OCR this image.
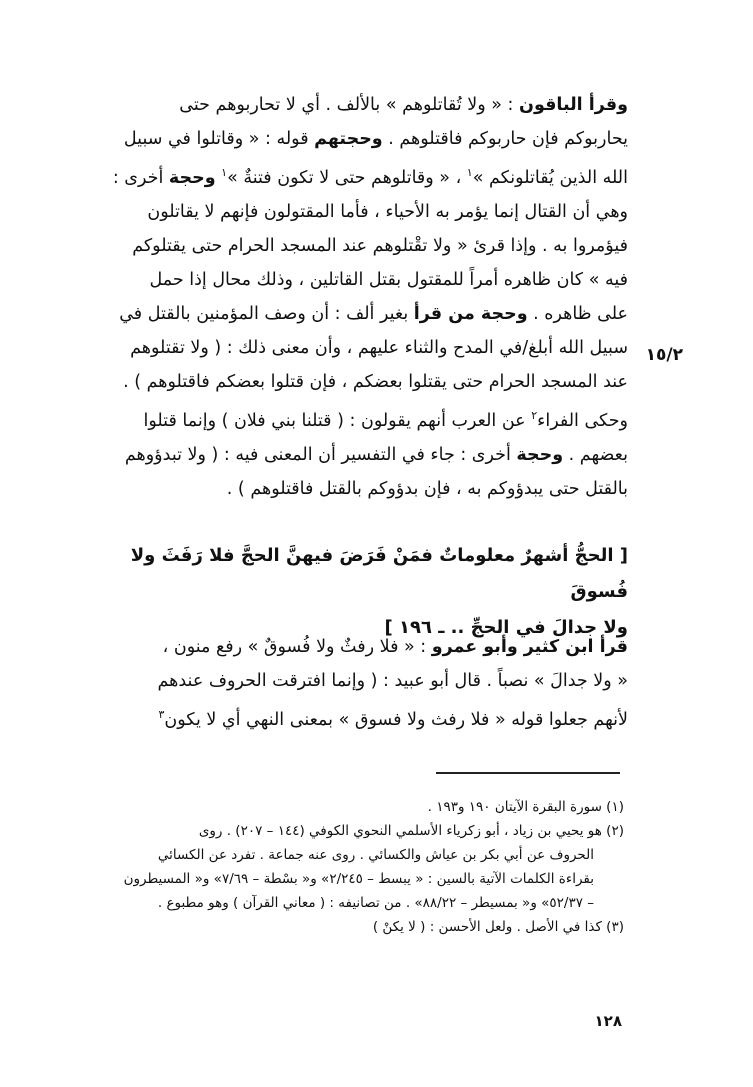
وقرأ الباقون : « ولا تُقاتلوهم » بالألف . أي لا تحاربوهم حتى

يحاربوكم فإن حاربوكم فاقتلوهم . وحجتهم قوله : « وقاتلوا في سبيل

الله الذين يُقاتلونكم »$^١$ ، « وقاتلوهم حتى لا تكون فتنةٌ »$^١$ وحجة أخرى :

وهي أن القتال إنما يؤمر به الأحياء ، فأما المقتولون فإنهم لا يقاتلون

فيؤمروا به . وإذا قرئ « ولا تقْتلوهم عند المسجد الحرام حتى يقتلوكم

فيه » كان ظاهره أمراً للمقتول بقتل القاتلين ، وذلك محال إذا حمل

على ظاهره . وحجة من قرأ بغير ألف : أن وصف المؤمنين بالقتل في

سبيل الله أبلغ/في المدح والثناء عليهم ، وأن معنى ذلك : ( ولا تقتلوهم

عند المسجد الحرام حتى يقتلوا بعضكم ، فإن قتلوا بعضكم فاقتلوهم ) .

وحكى الفراء$^٢$ عن العرب أنهم يقولون : ( قتلنا بني فلان ) وإنما قتلوا

بعضهم . وحجة أخرى : جاء في التفسير أن المعنى فيه : ( ولا تبدؤوهم

بالقتل حتى يبدؤوكم به ، فإن بدؤوكم بالقتل فاقتلوهم ) .

١٥/٢

[ الحجُّ أشهرٌ معلوماتٌ فمَنْ فَرَضَ فيهنَّ الحجَّ فلا رَفَثَ ولا فُسوقَ

ولا جدالَ في الحجِّ .. ـ ١٩٦ ]

قرأ ابن كثير وأبو عمرو : « فلا رفثٌ ولا فُسوقٌ » رفع منون ،

« ولا جدالَ » نصباً . قال أبو عبيد : ( وإنما افترقت الحروف عندهم

لأنهم جعلوا قوله « فلا رفث ولا فسوق » بمعنى النهي أي لا يكون$^٣$

(١) سورة البقرة الآيتان ١٩٠ و١٩٣ .

(٢) هو يحيي بن زياد ، أبو زكرياء الأسلمي النحوي الكوفي (١٤٤ – ٢٠٧) . روى

الحروف عن أبي بكر بن عياش والكسائي . روى عنه جماعة . تفرد عن الكسائي

بقراءة الكلمات الآتية بالسين : « يبسط – ٢/٢٤٥» و« بسْطة – ٧/٦٩» و« المسيطرون

– ٥٢/٣٧» و« بمسيطر – ٨٨/٢٢» . من تصانيفه : ( معاني القرآن ) وهو مطبوع .

(٣) كذا في الأصل . ولعل الأحسن : ( لا يكنْ )

١٢٨
